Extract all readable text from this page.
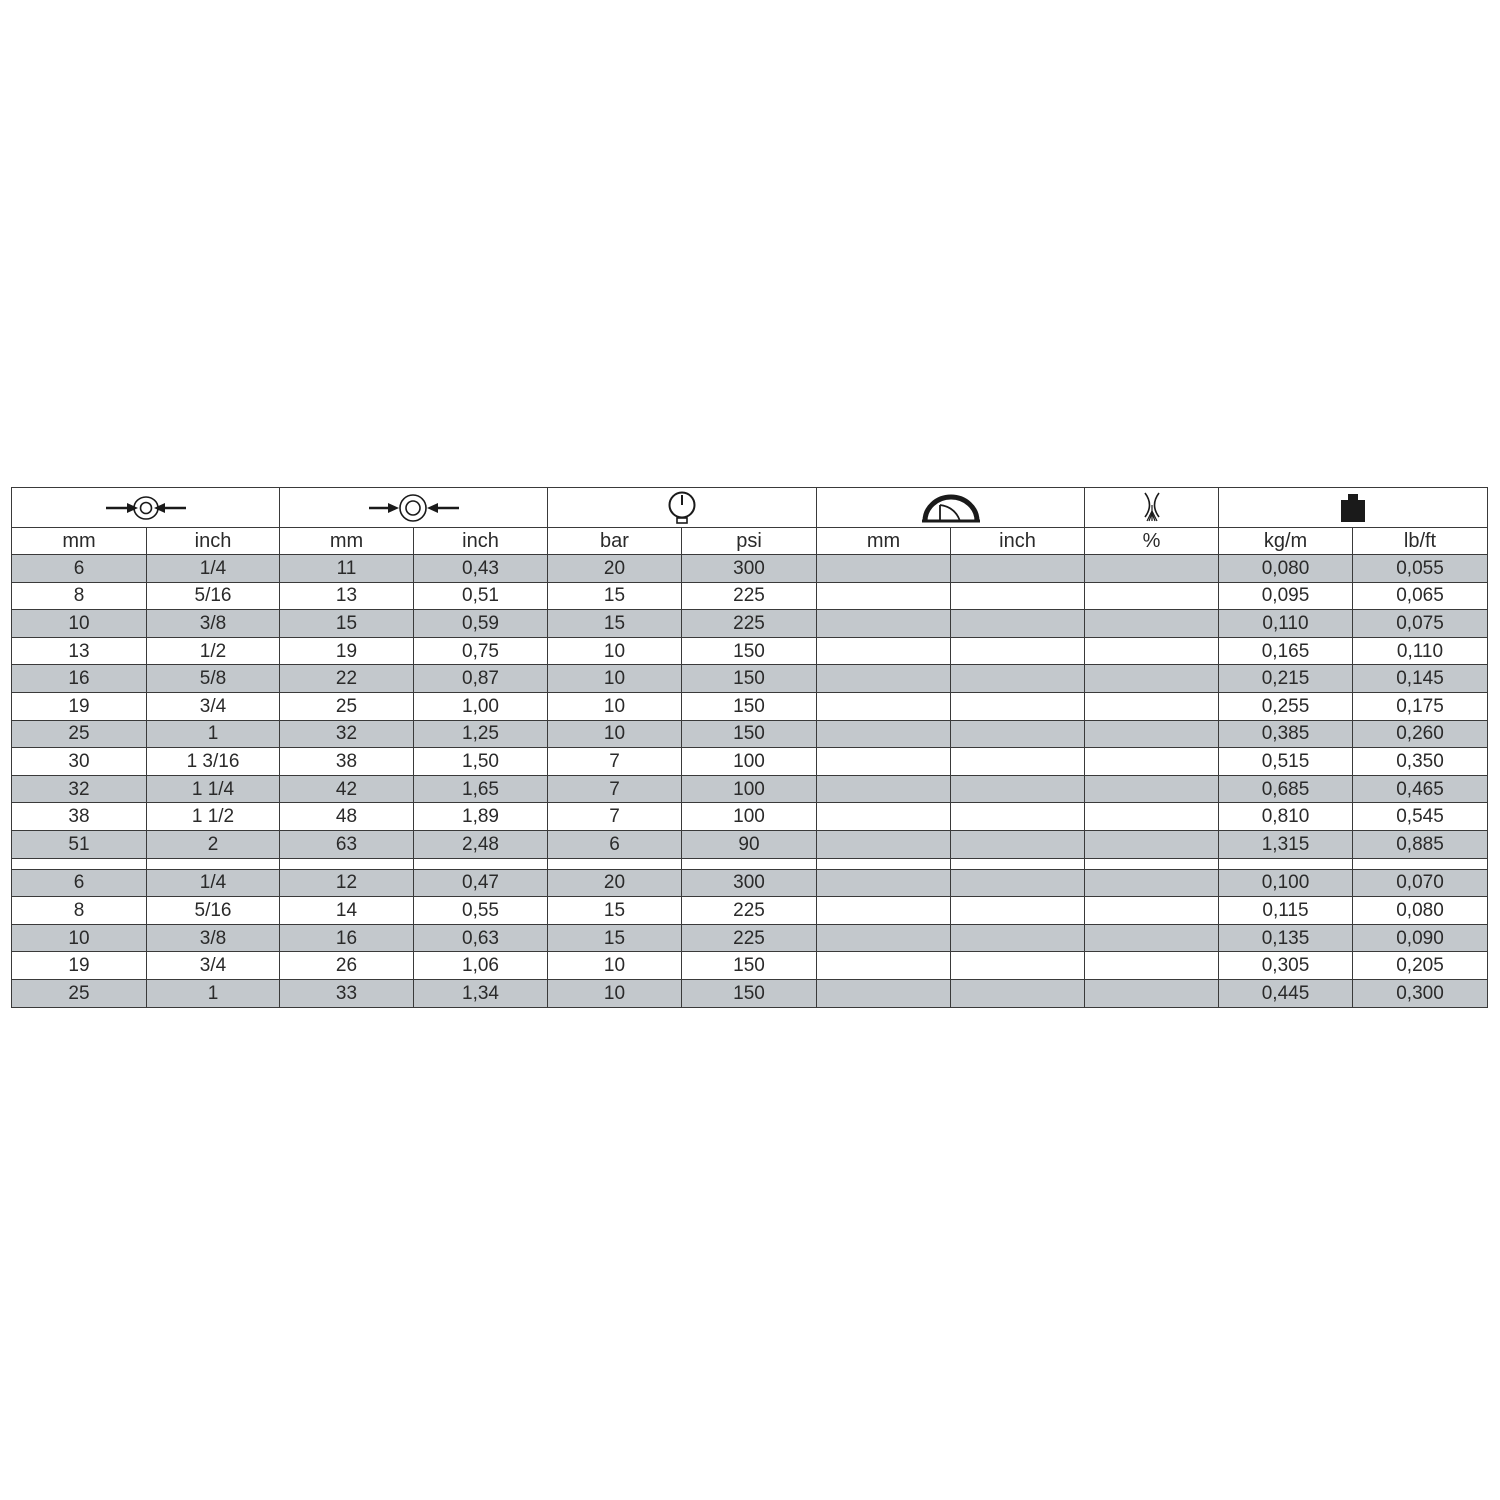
mm	inch	mm	inch	bar	psi	mm	inch	%	kg/m	lb/ft
6	1/4	11	0,43	20	300				0,080	0,055
8	5/16	13	0,51	15	225				0,095	0,065
10	3/8	15	0,59	15	225				0,110	0,075
13	1/2	19	0,75	10	150				0,165	0,110
16	5/8	22	0,87	10	150				0,215	0,145
19	3/4	25	1,00	10	150				0,255	0,175
25	1	32	1,25	10	150				0,385	0,260
30	1 3/16	38	1,50	7	100				0,515	0,350
32	1 1/4	42	1,65	7	100				0,685	0,465
38	1 1/2	48	1,89	7	100				0,810	0,545
51	2	63	2,48	6	90				1,315	0,885

6	1/4	12	0,47	20	300				0,100	0,070
8	5/16	14	0,55	15	225				0,115	0,080
10	3/8	16	0,63	15	225				0,135	0,090
19	3/4	26	1,06	10	150				0,305	0,205
25	1	33	1,34	10	150				0,445	0,300
